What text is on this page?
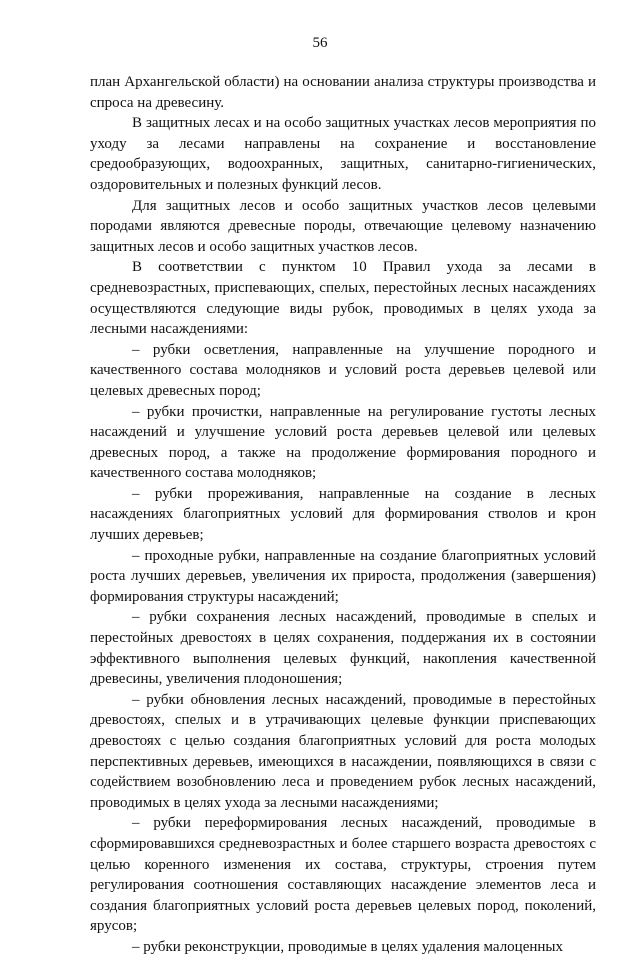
56

план Архангельской области) на основании анализа структуры производства и спроса на древесину.

В защитных лесах и на особо защитных участках лесов мероприятия по уходу за лесами направлены на сохранение и восстановление средообразующих, водоохранных, защитных, санитарно-гигиенических, оздоровительных и полезных функций лесов.

Для защитных лесов и особо защитных участков лесов целевыми породами являются древесные породы, отвечающие целевому назначению защитных лесов и особо защитных участков лесов.

В соответствии с пунктом 10 Правил ухода за лесами в средневозрастных, приспевающих, спелых, перестойных лесных насаждениях осуществляются следующие виды рубок, проводимых в целях ухода за лесными насаждениями:

– рубки осветления, направленные на улучшение породного и качественного состава молодняков и условий роста деревьев целевой или целевых древесных пород;

– рубки прочистки, направленные на регулирование густоты лесных насаждений и улучшение условий роста деревьев целевой или целевых древесных пород, а также на продолжение формирования породного и качественного состава молодняков;

– рубки прореживания, направленные на создание в лесных насаждениях благоприятных условий для формирования стволов и крон лучших деревьев;

– проходные рубки, направленные на создание благоприятных условий роста лучших деревьев, увеличения их прироста, продолжения (завершения) формирования структуры насаждений;

– рубки сохранения лесных насаждений, проводимые в спелых и перестойных древостоях в целях сохранения, поддержания их в состоянии эффективного выполнения целевых функций, накопления качественной древесины, увеличения плодоношения;

– рубки обновления лесных насаждений, проводимые в перестойных древостоях, спелых и в утрачивающих целевые функции приспевающих древостоях с целью создания благоприятных условий для роста молодых перспективных деревьев, имеющихся в насаждении, появляющихся в связи с содействием возобновлению леса и проведением рубок лесных насаждений, проводимых в целях ухода за лесными насаждениями;

– рубки переформирования лесных насаждений, проводимые в сформировавшихся средневозрастных и более старшего возраста древостоях с целью коренного изменения их состава, структуры, строения путем регулирования соотношения составляющих насаждение элементов леса и создания благоприятных условий роста деревьев целевых пород, поколений, ярусов;

– рубки реконструкции, проводимые в целях удаления малоценных
